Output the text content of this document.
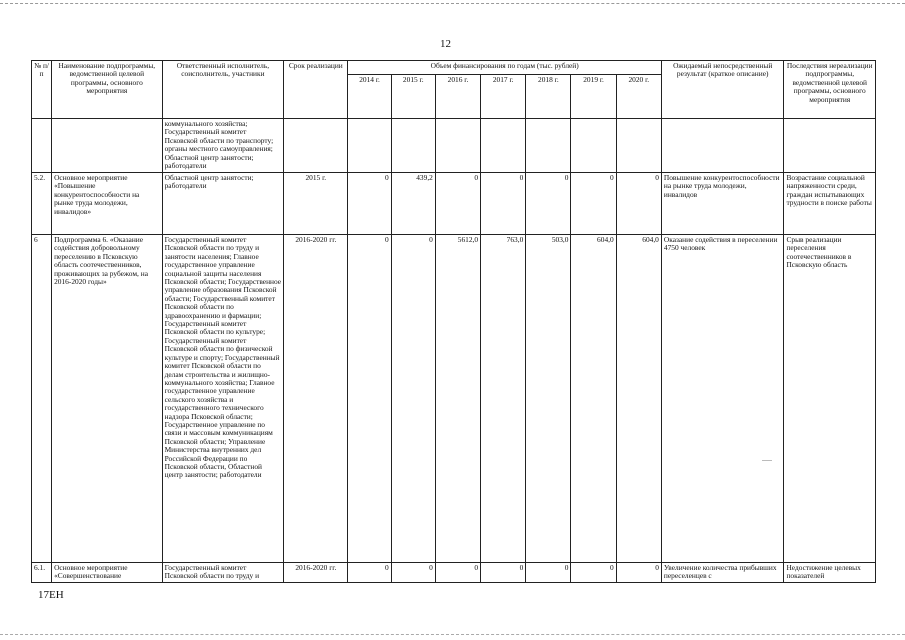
12
№ п/п	Наименование подпрограммы, ведомственной целевой программы, основного мероприятия	Ответственный исполнитель, соисполнитель, участники	Срок реализации	Объем финансирования по годам (тыс. рублей)							Ожидаемый непосредственный результат (краткое описание)	Последствия нереализации подпрограммы, ведомственной целевой программы, основного мероприятия
				2014 г.	2015 г.	2016 г.	2017 г.	2018 г.	2019 г.	2020 г.		
		коммунального хозяйства; Государственный комитет Псковской области по транспорту; органы местного самоуправления; Областной центр занятости; работодатели										
5.2.	Основное мероприятие «Повышение конкурентоспособности на рынке труда молодежи, инвалидов»	Областной центр занятости; работодатели	2015 г.	0	439,2	0	0	0	0	0	Повышение конкурентоспособности на рынке труда молодежи, инвалидов	Возрастание социальной напряженности среди, граждан испытывающих трудности в поиске работы
6	Подпрограмма 6. «Оказание содействия добровольному переселению в Псковскую область соотечественников, проживающих за рубежом, на 2016-2020 годы»	Государственный комитет Псковской области по труду и занятости населения; Главное государственное управление социальной защиты населения Псковской области; Государственное управление образования Псковской области; Государственный комитет Псковской области по здравоохранению и фармации; Государственный комитет Псковской области по культуре; Государственный комитет Псковской области по физической культуре и спорту; Государственный комитет Псковской области по делам строительства и жилищно-коммунального хозяйства; Главное государственное управление сельского хозяйства и государственного технического надзора Псковской области; Государственное управление по связи и массовым коммуникациям Псковской области; Управление Министерства внутренних дел Российской Федерации по Псковской области, Областной центр занятости; работодатели	2016-2020 гг.	0	0	5612,0	763,0	503,0	604,0	604,0	Оказание содействия в переселении 4750 человек	Срыв реализации переселения соотечественников в Псковскую область
6.1.	Основное мероприятие «Совершенствование	Государственный комитет Псковской области по труду и	2016-2020 гг.	0	0	0	0	0	0	0	Увеличение количества прибывших переселенцев с	Недостижение целевых показателей
17ЕН
